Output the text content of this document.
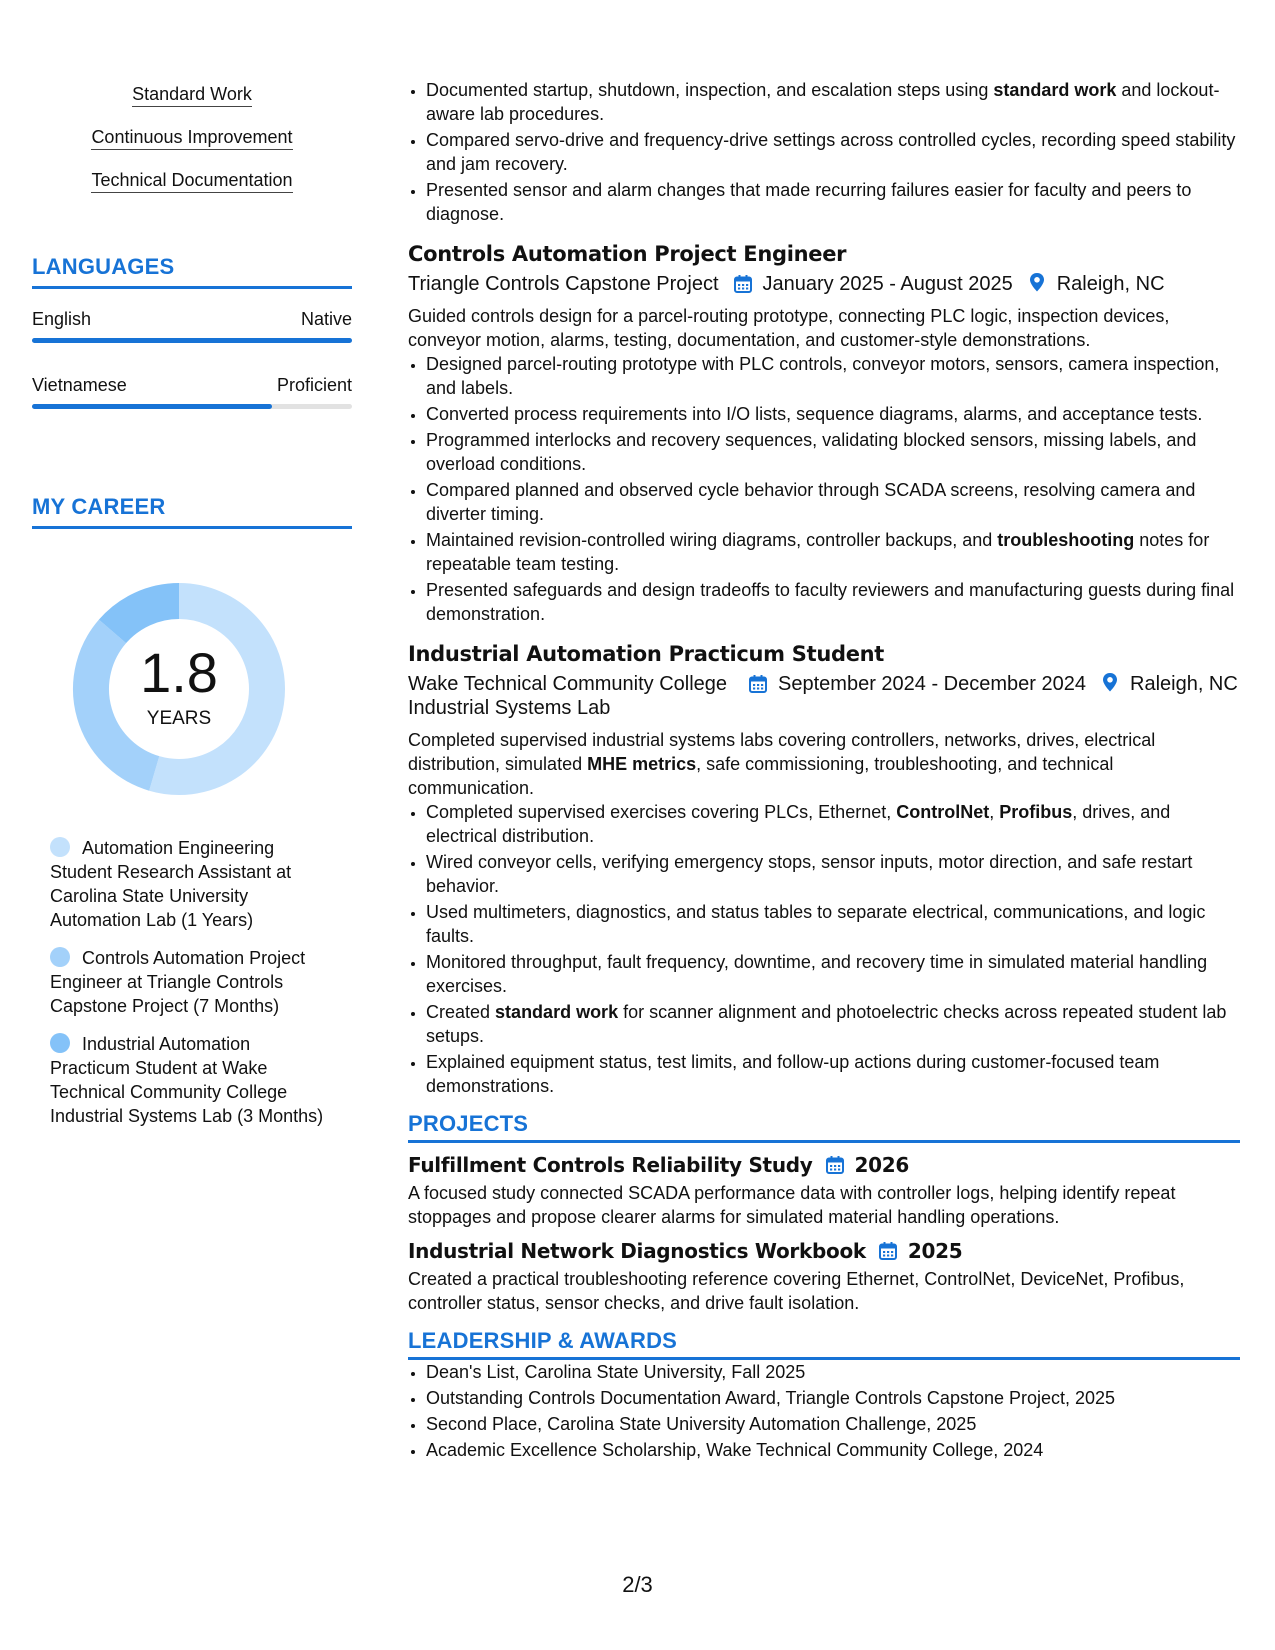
Standard Work
Continuous Improvement
Technical Documentation
LANGUAGES
English	Native
Vietnamese	Proficient
MY CAREER
1.8
YEARS
Automation Engineering Student Research Assistant at Carolina State University Automation Lab (1 Years)
Controls Automation Project Engineer at Triangle Controls Capstone Project (7 Months)
Industrial Automation Practicum Student at Wake Technical Community College Industrial Systems Lab (3 Months)
• Documented startup, shutdown, inspection, and escalation steps using standard work and lockout-aware lab procedures.
• Compared servo-drive and frequency-drive settings across controlled cycles, recording speed stability and jam recovery.
• Presented sensor and alarm changes that made recurring failures easier for faculty and peers to diagnose.
Controls Automation Project Engineer
Triangle Controls Capstone Project January 2025 - August 2025 Raleigh, NC
Guided controls design for a parcel-routing prototype, connecting PLC logic, inspection devices, conveyor motion, alarms, testing, documentation, and customer-style demonstrations.
• Designed parcel-routing prototype with PLC controls, conveyor motors, sensors, camera inspection, and labels.
• Converted process requirements into I/O lists, sequence diagrams, alarms, and acceptance tests.
• Programmed interlocks and recovery sequences, validating blocked sensors, missing labels, and overload conditions.
• Compared planned and observed cycle behavior through SCADA screens, resolving camera and diverter timing.
• Maintained revision-controlled wiring diagrams, controller backups, and troubleshooting notes for repeatable team testing.
• Presented safeguards and design tradeoffs to faculty reviewers and manufacturing guests during final demonstration.
Industrial Automation Practicum Student
Wake Technical Community College Industrial Systems Lab
September 2024 - December 2024 Raleigh, NC
Completed supervised industrial systems labs covering controllers, networks, drives, electrical distribution, simulated MHE metrics, safe commissioning, troubleshooting, and technical communication.
• Completed supervised exercises covering PLCs, Ethernet, ControlNet, Profibus, drives, and electrical distribution.
• Wired conveyor cells, verifying emergency stops, sensor inputs, motor direction, and safe restart behavior.
• Used multimeters, diagnostics, and status tables to separate electrical, communications, and logic faults.
• Monitored throughput, fault frequency, downtime, and recovery time in simulated material handling exercises.
• Created standard work for scanner alignment and photoelectric checks across repeated student lab setups.
• Explained equipment status, test limits, and follow-up actions during customer-focused team demonstrations.
PROJECTS
Fulfillment Controls Reliability Study 2026
A focused study connected SCADA performance data with controller logs, helping identify repeat stoppages and propose clearer alarms for simulated material handling operations.
Industrial Network Diagnostics Workbook 2025
Created a practical troubleshooting reference covering Ethernet, ControlNet, DeviceNet, Profibus, controller status, sensor checks, and drive fault isolation.
LEADERSHIP & AWARDS
• Dean's List, Carolina State University, Fall 2025
• Outstanding Controls Documentation Award, Triangle Controls Capstone Project, 2025
• Second Place, Carolina State University Automation Challenge, 2025
• Academic Excellence Scholarship, Wake Technical Community College, 2024
2/3
